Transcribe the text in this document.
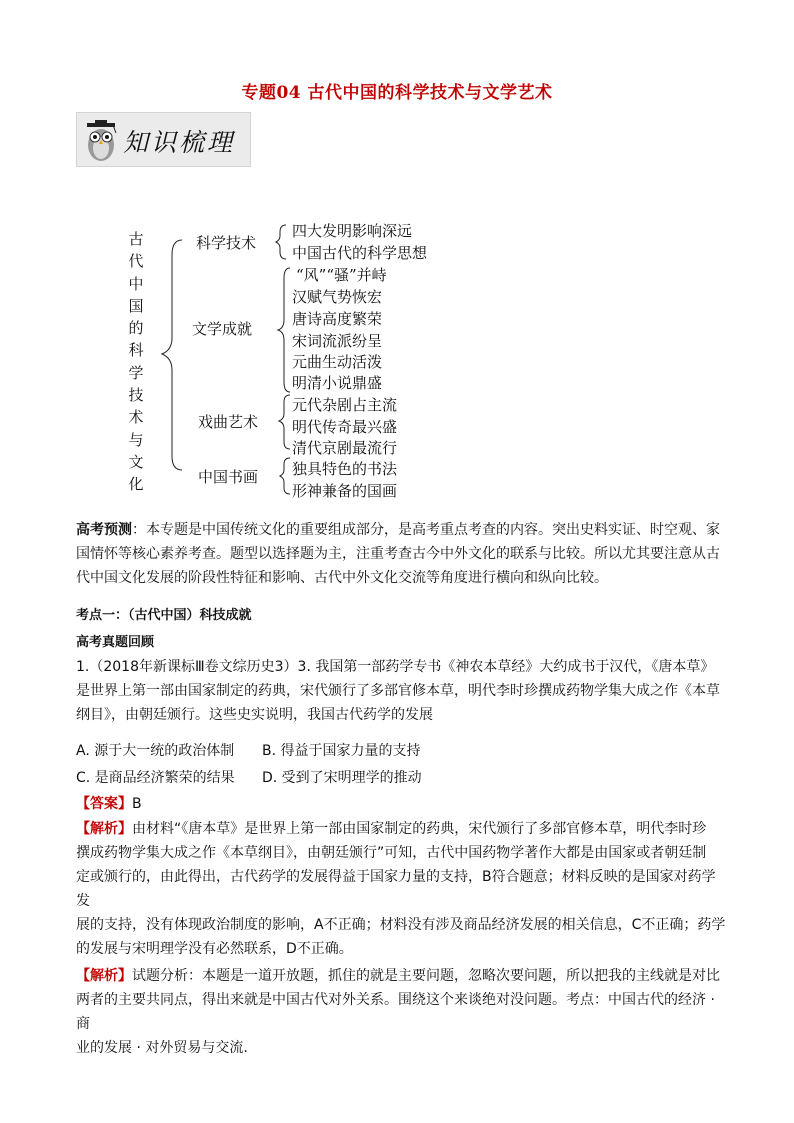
专题04 古代中国的科学技术与文学艺术
知识梳理
古
代
中
国
的
科
学
技
术
与
文
化
科学技术
四大发明影响深远
中国古代的科学思想
文学成就
“风”“骚”并峙
汉赋气势恢宏
唐诗高度繁荣
宋词流派纷呈
元曲生动活泼
明清小说鼎盛
戏曲艺术
元代杂剧占主流
明代传奇最兴盛
清代京剧最流行
中国书画 独具特色的书法
形神兼备的国画
高考预测：本专题是中国传统文化的重要组成部分，是高考重点考查的内容。突出史料实证、时空观、家
国情怀等核心素养考查。题型以选择题为主，注重考查古今中外文化的联系与比较。所以尤其要注意从古
代中国文化发展的阶段性特征和影响、古代中外文化交流等角度进行横向和纵向比较。
考点一：（古代中国）科技成就
高考真题回顾
1.（2018年新课标Ⅲ卷文综历史3）3. 我国第一部药学专书《神农本草经》大约成书于汉代，《唐本草》
是世界上第一部由国家制定的药典，宋代颁行了多部官修本草，明代李时珍撰成药物学集大成之作《本草
纲目》，由朝廷颁行。这些史实说明，我国古代药学的发展
A. 源于大一统的政治体制 B. 得益于国家力量的支持
C. 是商品经济繁荣的结果 D. 受到了宋明理学的推动
【答案】B
【解析】由材料“《唐本草》是世界上第一部由国家制定的药典，宋代颁行了多部官修本草，明代李时珍
撰成药物学集大成之作《本草纲目》，由朝廷颁行”可知，古代中国药物学著作大都是由国家或者朝廷制
定或颁行的，由此得出，古代药学的发展得益于国家力量的支持，B符合题意；材料反映的是国家对药学发
展的支持，没有体现政治制度的影响，A不正确；材料没有涉及商品经济发展的相关信息，C不正确；药学
的发展与宋明理学没有必然联系，D不正确。
【解析】试题分析：本题是一道开放题，抓住的就是主要问题，忽略次要问题，所以把我的主线就是对比
两者的主要共同点，得出来就是中国古代对外关系。围绕这个来谈绝对没问题。考点：中国古代的经济 · 商
业的发展 · 对外贸易与交流.
